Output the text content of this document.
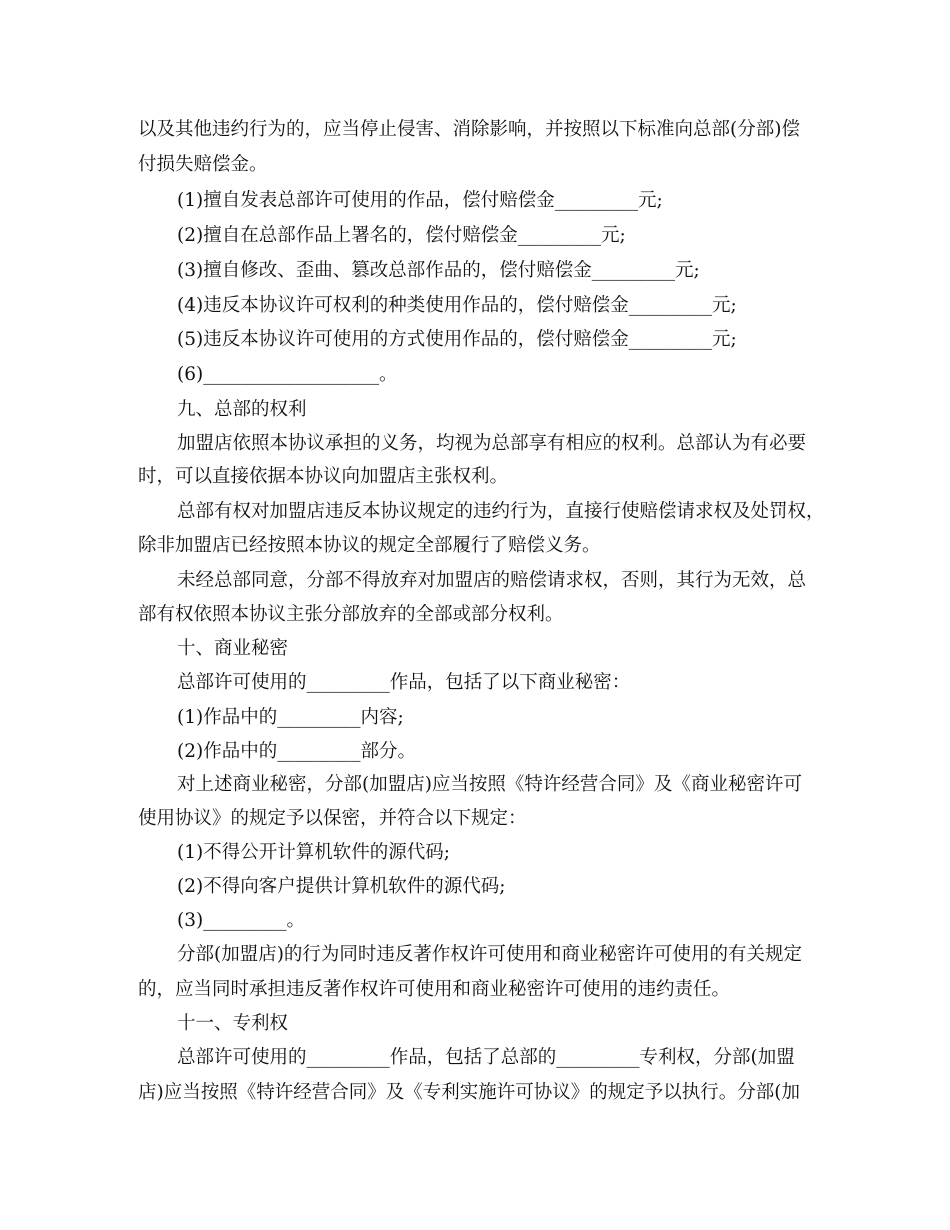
以及其他违约行为的，应当停止侵害、消除影响，并按照以下标准向总部(分部)偿
付损失赔偿金。
(1)擅自发表总部许可使用的作品，偿付赔偿金_________元;
(2)擅自在总部作品上署名的，偿付赔偿金_________元;
(3)擅自修改、歪曲、篡改总部作品的，偿付赔偿金_________元;
(4)违反本协议许可权利的种类使用作品的，偿付赔偿金_________元;
(5)违反本协议许可使用的方式使用作品的，偿付赔偿金_________元;
(6)___________________。
九、总部的权利
加盟店依照本协议承担的义务，均视为总部享有相应的权利。总部认为有必要
时，可以直接依据本协议向加盟店主张权利。
总部有权对加盟店违反本协议规定的违约行为，直接行使赔偿请求权及处罚权，
除非加盟店已经按照本协议的规定全部履行了赔偿义务。
未经总部同意，分部不得放弃对加盟店的赔偿请求权，否则，其行为无效，总
部有权依照本协议主张分部放弃的全部或部分权利。
十、商业秘密
总部许可使用的_________作品，包括了以下商业秘密：
(1)作品中的_________内容;
(2)作品中的_________部分。
对上述商业秘密，分部(加盟店)应当按照《特许经营合同》及《商业秘密许可
使用协议》的规定予以保密，并符合以下规定：
(1)不得公开计算机软件的源代码;
(2)不得向客户提供计算机软件的源代码;
(3)_________。
分部(加盟店)的行为同时违反著作权许可使用和商业秘密许可使用的有关规定
的，应当同时承担违反著作权许可使用和商业秘密许可使用的违约责任。
十一、专利权
总部许可使用的_________作品，包括了总部的_________专利权，分部(加盟
店)应当按照《特许经营合同》及《专利实施许可协议》的规定予以执行。分部(加
